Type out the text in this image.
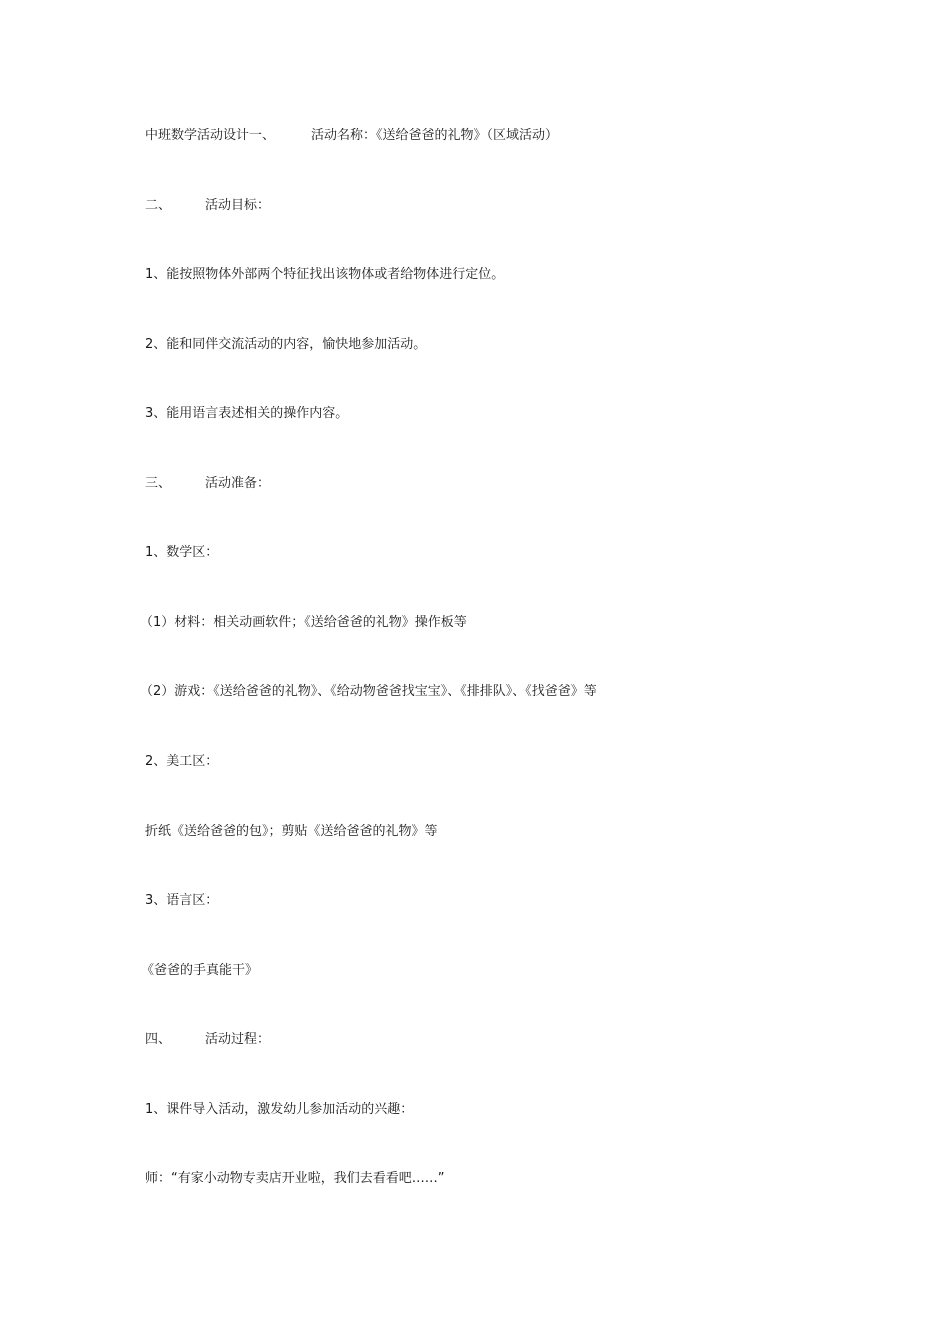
中班数学活动设计一、	活动名称：《送给爸爸的礼物》（区域活动）
二、	活动目标：
1、能按照物体外部两个特征找出该物体或者给物体进行定位。
2、能和同伴交流活动的内容，愉快地参加活动。
3、能用语言表述相关的操作内容。
三、	活动准备：
1、数学区：
（1）材料：相关动画软件；《送给爸爸的礼物》操作板等
（2）游戏：《送给爸爸的礼物》、《给动物爸爸找宝宝》、《排排队》、《找爸爸》等
2、美工区：
折纸《送给爸爸的包》；剪贴《送给爸爸的礼物》等
3、语言区：
《爸爸的手真能干》
四、	活动过程：
1、课件导入活动，激发幼儿参加活动的兴趣：
师：“有家小动物专卖店开业啦，我们去看看吧……”
